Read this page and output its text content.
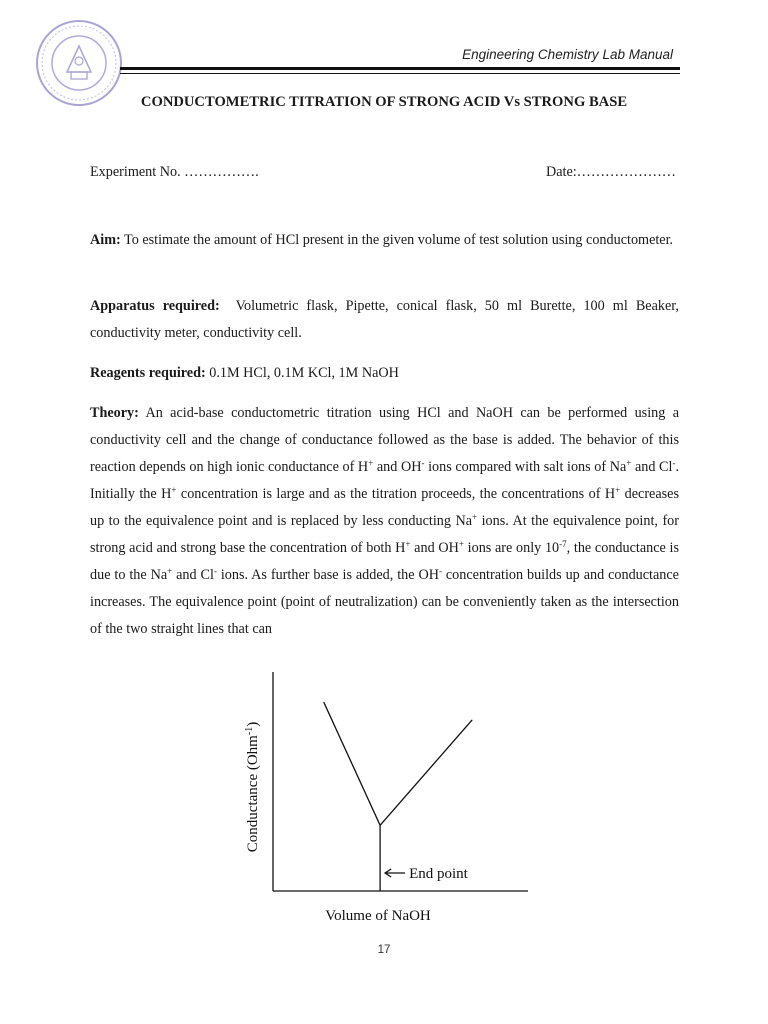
Engineering Chemistry Lab Manual
CONDUCTOMETRIC TITRATION OF STRONG ACID Vs STRONG BASE
Experiment No. …………….	Date:…………………
Aim: To estimate the amount of HCl present in the given volume of test solution using conductometer.
Apparatus required: Volumetric flask, Pipette, conical flask, 50 ml Burette, 100 ml Beaker, conductivity meter, conductivity cell.
Reagents required: 0.1M HCl, 0.1M KCl, 1M NaOH
Theory: An acid-base conductometric titration using HCl and NaOH can be performed using a conductivity cell and the change of conductance followed as the base is added. The behavior of this reaction depends on high ionic conductance of H+ and OH- ions compared with salt ions of Na+ and Cl-. Initially the H+ concentration is large and as the titration proceeds, the concentrations of H+ decreases up to the equivalence point and is replaced by less conducting Na+ ions. At the equivalence point, for strong acid and strong base the concentration of both H+ and OH+ ions are only $10^{-7}$, the conductance is due to the Na+ and Cl- ions. As further base is added, the OH- concentration builds up and conductance increases. The equivalence point (point of neutralization) can be conveniently taken as the intersection of the two straight lines that can
Conductance (Ohm$^{-1}$)
Volume of NaOH
End point
17
